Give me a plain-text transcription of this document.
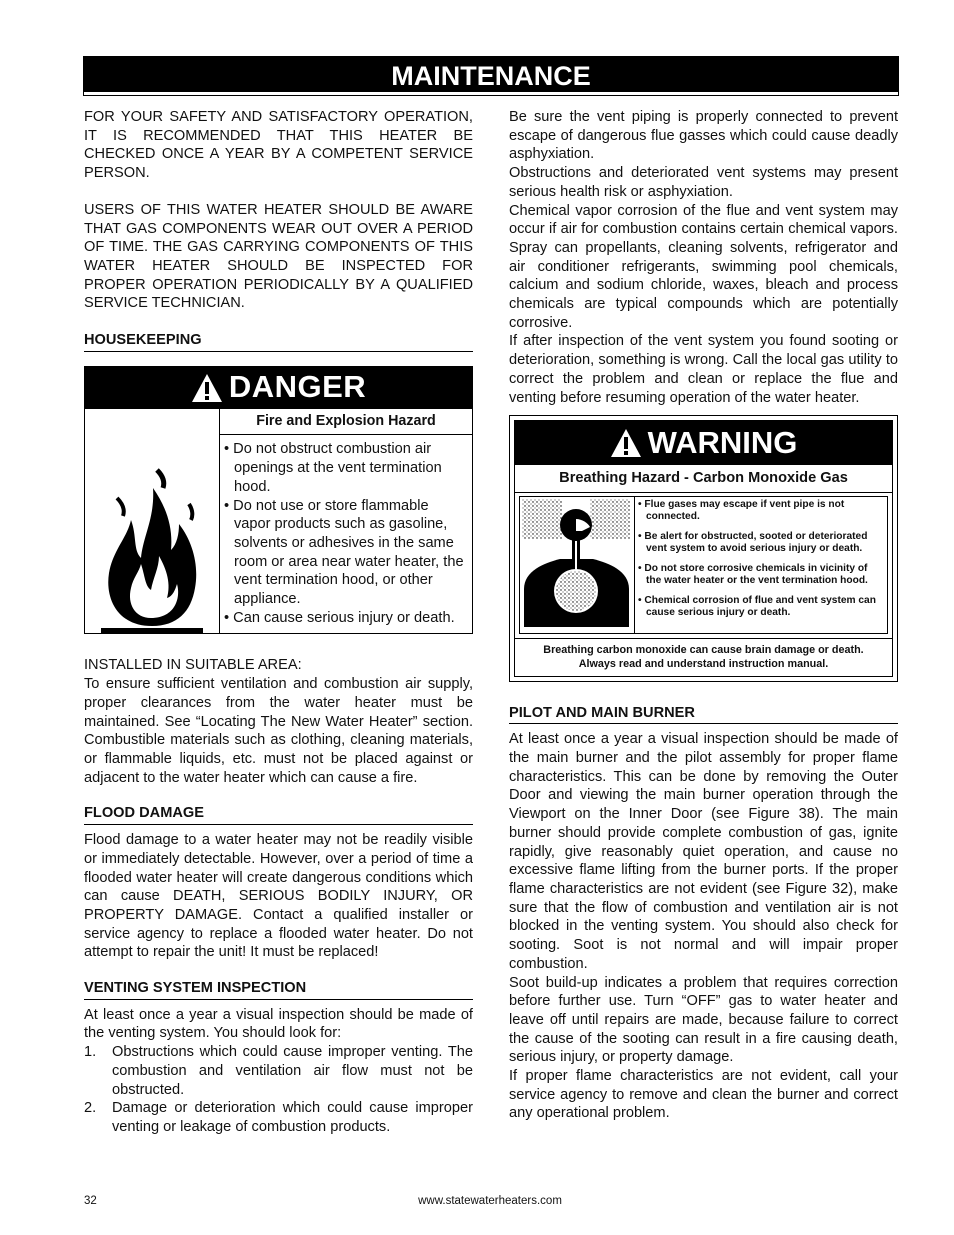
MAINTENANCE

FOR YOUR SAFETY AND SATISFACTORY OPERATION, IT IS RECOMMENDED THAT THIS HEATER BE CHECKED ONCE A YEAR BY A COMPETENT SERVICE PERSON.

USERS OF THIS WATER HEATER SHOULD BE AWARE THAT GAS COMPONENTS WEAR OUT OVER A PERIOD OF TIME. THE GAS CARRYING COMPONENTS OF THIS WATER HEATER SHOULD BE INSPECTED FOR PROPER OPERATION PERIODICALLY BY A QUALIFIED SERVICE TECHNICIAN.

HOUSEKEEPING
DANGER
Fire and Explosion Hazard
• Do not obstruct combustion air openings at the vent termination hood.
• Do not use or store flammable vapor products such as gasoline, solvents or adhesives in the same room or area near water heater, the vent termination hood, or other appliance.
• Can cause serious injury or death.

INSTALLED IN SUITABLE AREA:

To ensure sufficient ventilation and combustion air supply, proper clearances from the water heater must be maintained. See “Locating The New Water Heater” section. Combustible materials such as clothing, cleaning materials, or flammable liquids, etc. must not be placed against or adjacent to the water heater which can cause a fire.

FLOOD DAMAGE

Flood damage to a water heater may not be readily visible or immediately detectable. However, over a period of time a flooded water heater will create dangerous conditions which can cause DEATH, SERIOUS BODILY INJURY, OR PROPERTY DAMAGE. Contact a qualified installer or service agency to replace a flooded water heater. Do not attempt to repair the unit! It must be replaced!

VENTING SYSTEM INSPECTION

At least once a year a visual inspection should be made of the venting system. You should look for:

1.	Obstructions which could cause improper venting. The combustion and ventilation air flow must not be obstructed.
2.	Damage or deterioration which could cause improper venting or leakage of combustion products.

Be sure the vent piping is properly connected to prevent escape of dangerous flue gasses which could cause deadly asphyxiation.

Obstructions and deteriorated vent systems may present serious health risk or asphyxiation.

Chemical vapor corrosion of the flue and vent system may occur if air for combustion contains certain chemical vapors. Spray can propellants, cleaning solvents, refrigerator and air conditioner refrigerants, swimming pool chemicals, calcium and sodium chloride, waxes, bleach and process chemicals are typical compounds which are potentially corrosive.

If after inspection of the vent system you found sooting or deterioration, something is wrong. Call the local gas utility to correct the problem and clean or replace the flue and venting before resuming operation of the water heater.

WARNING
Breathing Hazard - Carbon Monoxide Gas
• Flue gases may escape if vent pipe is not connected.
• Be alert for obstructed, sooted or deteriorated vent system to avoid serious injury or death.
• Do not store corrosive chemicals in vicinity of the water heater or the vent termination hood.
• Chemical corrosion of flue and vent system can cause serious injury or death.
Breathing carbon monoxide can cause brain damage or death.
Always read and understand instruction manual.
PILOT AND MAIN BURNER

At least once a year a visual inspection should be made of the main burner and the pilot assembly for proper flame characteristics. This can be done by removing the Outer Door and viewing the main burner operation through the Viewport on the Inner Door (see Figure 38). The main burner should provide complete combustion of gas, ignite rapidly, give reasonably quiet operation, and cause no excessive flame lifting from the burner ports. If the proper flame characteristics are not evident (see Figure 32), make sure that the flow of combustion and ventilation air is not blocked in the venting system. You should also check for sooting. Soot is not normal and will impair proper combustion.

Soot build-up indicates a problem that requires correction before further use. Turn “OFF” gas to water heater and leave off until repairs are made, because failure to correct the cause of the sooting can result in a fire causing death, serious injury, or property damage.

If proper flame characteristics are not evident, call your service agency to remove and clean the burner and correct any operational problem.

32	www.statewaterheaters.com
